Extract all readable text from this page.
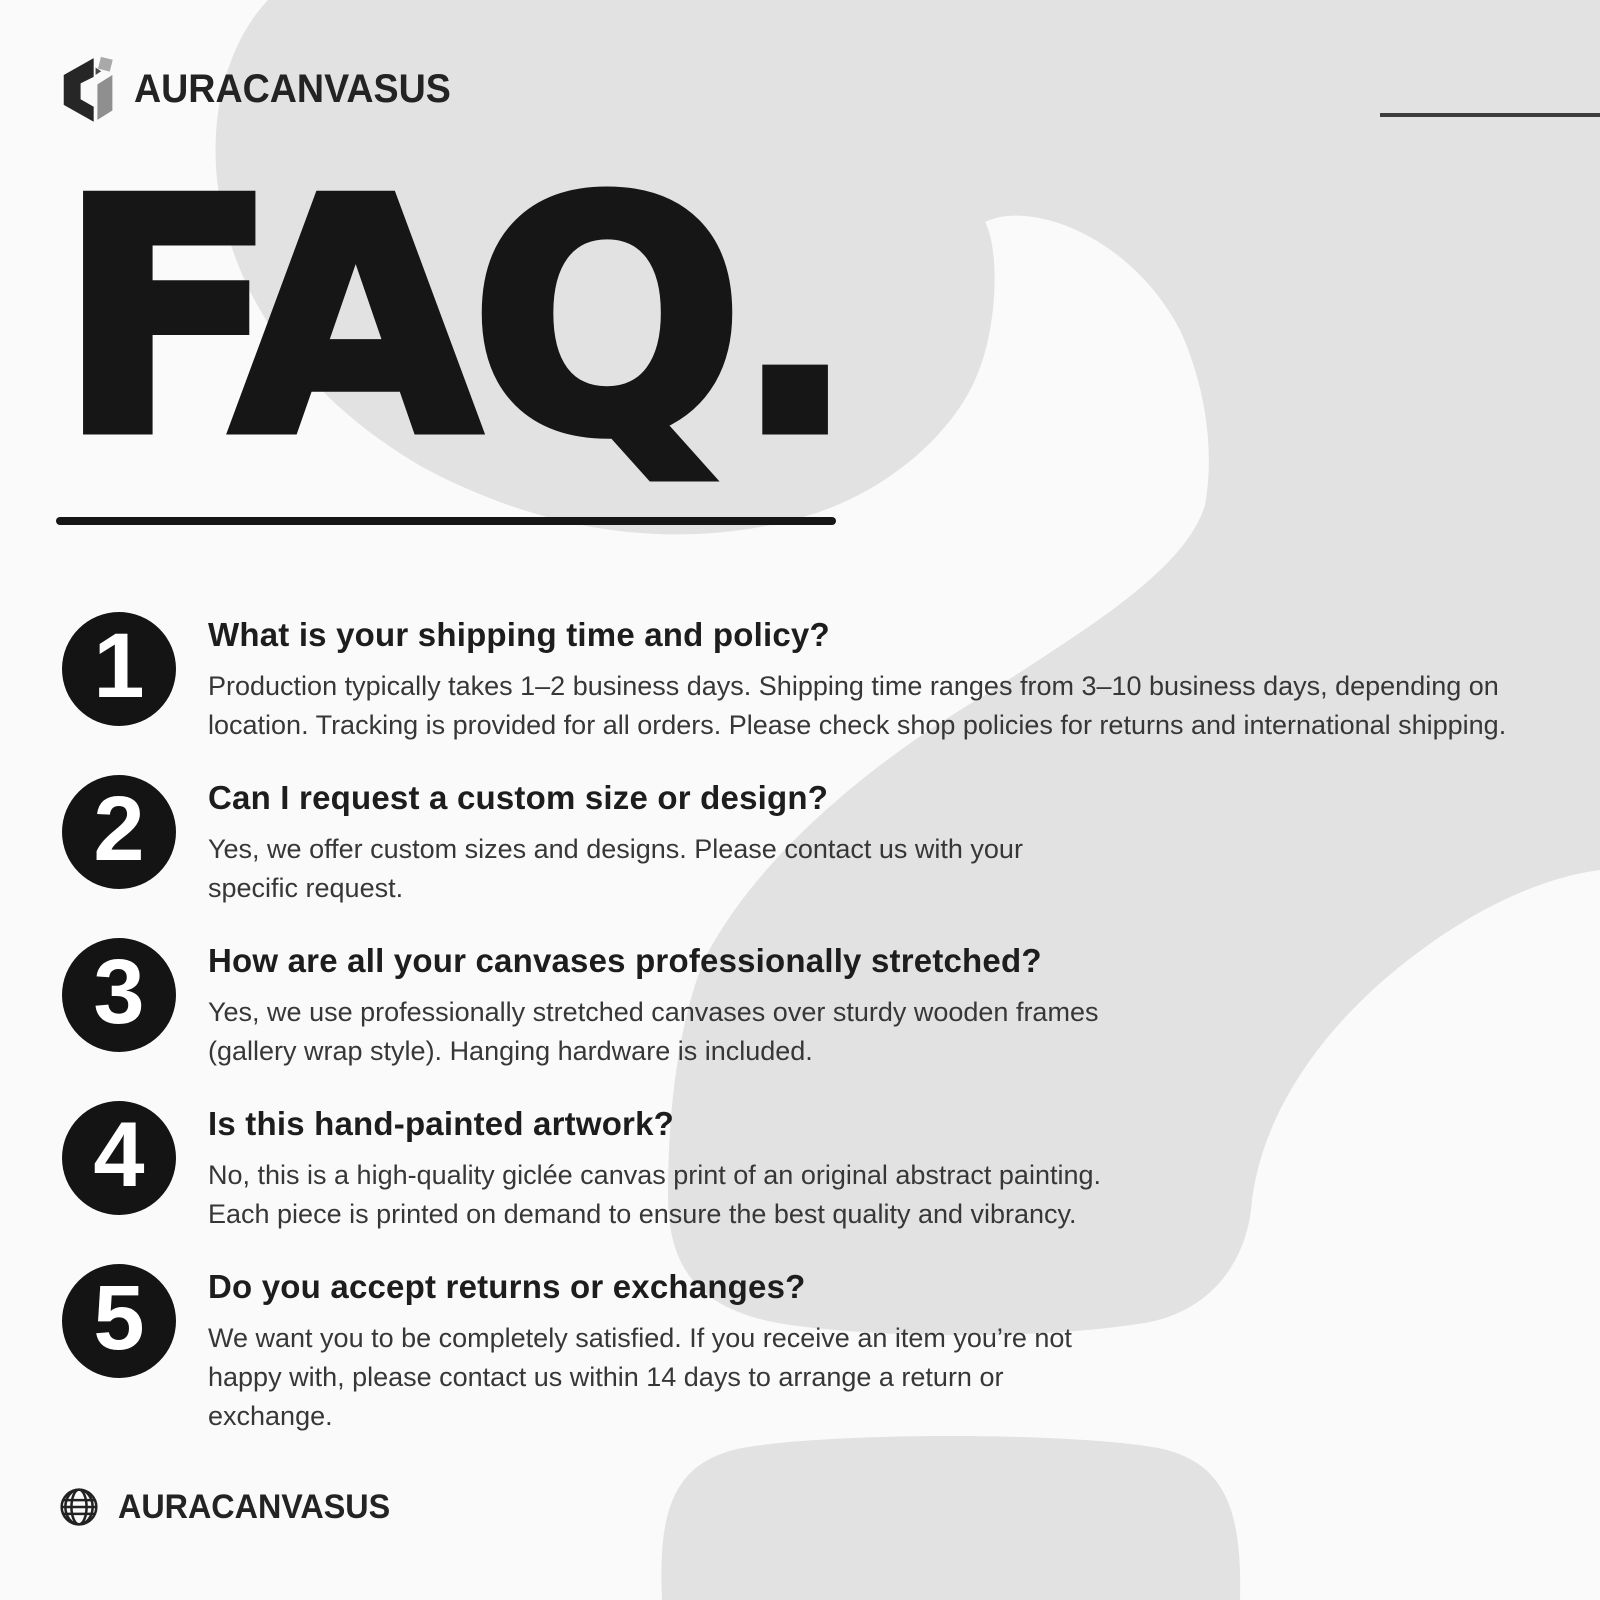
AURACANVASUS
FAQ.
1 What is your shipping time and policy?
Production typically takes 1–2 business days. Shipping time ranges from 3–10 business days, depending on
location. Tracking is provided for all orders. Please check shop policies for returns and international shipping.
2 Can I request a custom size or design?
Yes, we offer custom sizes and designs. Please contact us with your
specific request.
3 How are all your canvases professionally stretched?
Yes, we use professionally stretched canvases over sturdy wooden frames
(gallery wrap style). Hanging hardware is included.
4 Is this hand-painted artwork?
No, this is a high-quality giclée canvas print of an original abstract painting.
Each piece is printed on demand to ensure the best quality and vibrancy.
5 Do you accept returns or exchanges?
We want you to be completely satisfied. If you receive an item you’re not
happy with, please contact us within 14 days to arrange a return or
exchange.
AURACANVASUS
